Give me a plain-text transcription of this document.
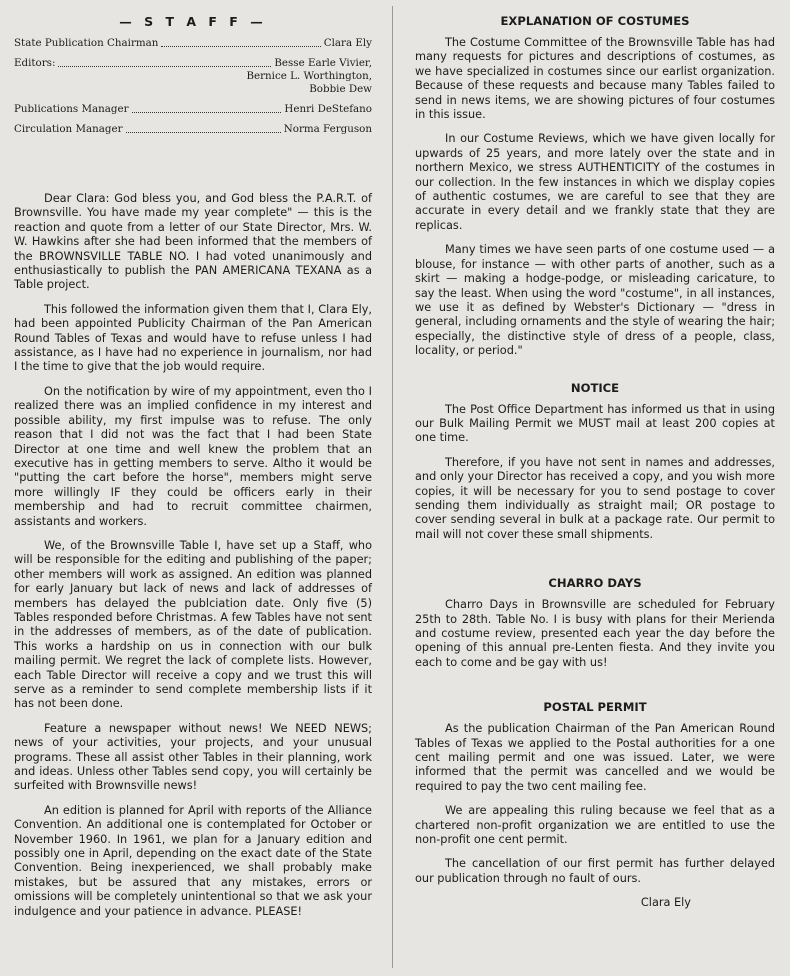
— S T A F F —
State Publication Chairman	Clara Ely
Editors:	Besse Earle Vivier,
Bernice L. Worthington,
Bobbie Dew
Publications Manager	Henri DeStefano
Circulation Manager	Norma Ferguson

Dear Clara: God bless you, and God bless the P.A.R.T. of Brownsville. You have made my year complete" — this is the reaction and quote from a letter of our State Director, Mrs. W. W. Hawkins after she had been informed that the members of the BROWNSVILLE TABLE NO. I had voted unanimously and enthusiastically to publish the PAN AMERICANA TEXANA as a Table project.

This followed the information given them that I, Clara Ely, had been appointed Publicity Chairman of the Pan American Round Tables of Texas and would have to refuse unless I had assistance, as I have had no experience in journalism, nor had I the time to give that the job would require.

On the notification by wire of my appointment, even tho I realized there was an implied confidence in my interest and possible ability, my first impulse was to refuse. The only reason that I did not was the fact that I had been State Director at one time and well knew the problem that an executive has in getting members to serve. Altho it would be "putting the cart before the horse", members might serve more willingly IF they could be officers early in their membership and had to recruit committee chairmen, assistants and workers.

We, of the Brownsville Table I, have set up a Staff, who will be responsible for the editing and publishing of the paper; other members will work as assigned. An edition was planned for early January but lack of news and lack of addresses of members has delayed the publciation date. Only five (5) Tables responded before Christmas. A few Tables have not sent in the addresses of members, as of the date of publication. This works a hardship on us in connection with our bulk mailing permit. We regret the lack of complete lists. However, each Table Director will receive a copy and we trust this will serve as a reminder to send complete membership lists if it has not been done.

Feature a newspaper without news! We NEED NEWS; news of your activities, your projects, and your unusual programs. These all assist other Tables in their planning, work and ideas. Unless other Tables send copy, you will certainly be surfeited with Brownsville news!

An edition is planned for April with reports of the Alliance Convention. An additional one is contemplated for October or November 1960. In 1961, we plan for a January edition and possibly one in April, depending on the exact date of the State Convention. Being inexperienced, we shall probably make mistakes, but be assured that any mistakes, errors or omissions will be completely unintentional so that we ask your indulgence and your patience in advance. PLEASE!

EXPLANATION OF COSTUMES

The Costume Committee of the Brownsville Table has had many requests for pictures and descriptions of costumes, as we have specialized in costumes since our earlist organization. Because of these requests and because many Tables failed to send in news items, we are showing pictures of four costumes in this issue.

In our Costume Reviews, which we have given locally for upwards of 25 years, and more lately over the state and in northern Mexico, we stress AUTHENTICITY of the costumes in our collection. In the few instances in which we display copies of authentic costumes, we are careful to see that they are accurate in every detail and we frankly state that they are replicas.

Many times we have seen parts of one costume used — a blouse, for instance — with other parts of another, such as a skirt — making a hodge-podge, or misleading caricature, to say the least. When using the word "costume", in all instances, we use it as defined by Webster's Dictionary — "dress in general, including ornaments and the style of wearing the hair; especially, the distinctive style of dress of a people, class, locality, or period."

NOTICE

The Post Office Department has informed us that in using our Bulk Mailing Permit we MUST mail at least 200 copies at one time.

Therefore, if you have not sent in names and addresses, and only your Director has received a copy, and you wish more copies, it will be necessary for you to send postage to cover sending them individually as straight mail; OR postage to cover sending several in bulk at a package rate. Our permit to mail will not cover these small shipments.

CHARRO DAYS

Charro Days in Brownsville are scheduled for February 25th to 28th. Table No. I is busy with plans for their Merienda and costume review, presented each year the day before the opening of this annual pre-Lenten fiesta. And they invite you each to come and be gay with us!

POSTAL PERMIT

As the publication Chairman of the Pan American Round Tables of Texas we applied to the Postal authorities for a one cent mailing permit and one was issued. Later, we were informed that the permit was cancelled and we would be required to pay the two cent mailing fee.

We are appealing this ruling because we feel that as a chartered non-profit organization we are entitled to use the non-profit one cent permit.

The cancellation of our first permit has further delayed our publication through no fault of ours.

Clara Ely
